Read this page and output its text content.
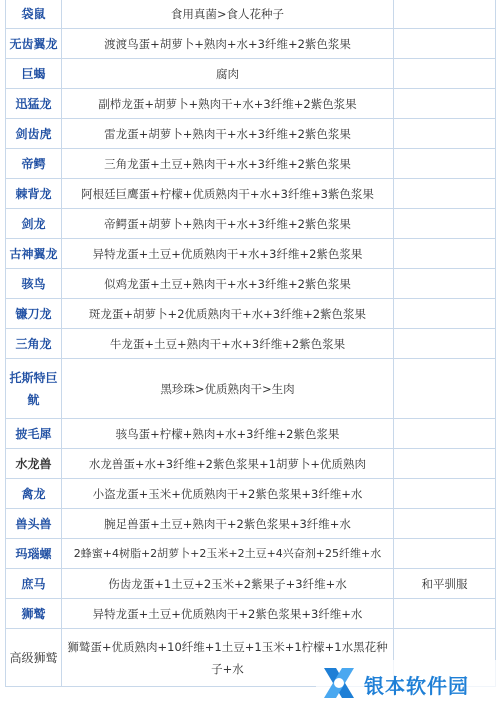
袋鼠	食用真菌>食人花种子	
无齿翼龙	渡渡鸟蛋+胡萝卜+熟肉+水+3纤维+2紫色浆果	
巨蝎	腐肉	
迅猛龙	副栉龙蛋+胡萝卜+熟肉干+水+3纤维+2紫色浆果	
剑齿虎	雷龙蛋+胡萝卜+熟肉干+水+3纤维+2紫色浆果	
帝鳄	三角龙蛋+土豆+熟肉干+水+3纤维+2紫色浆果	
棘背龙	阿根廷巨鹰蛋+柠檬+优质熟肉干+水+3纤维+3紫色浆果	
剑龙	帝鳄蛋+胡萝卜+熟肉干+水+3纤维+2紫色浆果	
古神翼龙	异特龙蛋+土豆+优质熟肉干+水+3纤维+2紫色浆果	
骇鸟	似鸡龙蛋+土豆+熟肉干+水+3纤维+2紫色浆果	
镰刀龙	斑龙蛋+胡萝卜+2优质熟肉干+水+3纤维+2紫色浆果	
三角龙	牛龙蛋+土豆+熟肉干+水+3纤维+2紫色浆果	
托斯特巨鱿	黑珍珠>优质熟肉干>生肉	
披毛犀	骇鸟蛋+柠檬+熟肉+水+3纤维+2紫色浆果	
水龙兽	水龙兽蛋+水+3纤维+2紫色浆果+1胡萝卜+优质熟肉	
禽龙	小盗龙蛋+玉米+优质熟肉干+2紫色浆果+3纤维+水	
兽头兽	腕足兽蛋+土豆+熟肉干+2紫色浆果+3纤维+水	
玛瑙螺	2蜂蜜+4树脂+2胡萝卜+2玉米+2土豆+4兴奋剂+25纤维+水	
庶马	伤齿龙蛋+1土豆+2玉米+2紫果子+3纤维+水	和平驯服
狮鹫	异特龙蛋+土豆+优质熟肉干+2紫色浆果+3纤维+水	
高级狮鹫	狮鹫蛋+优质熟肉+10纤维+1土豆+1玉米+1柠檬+1水黑花种子+水	
银本软件园
